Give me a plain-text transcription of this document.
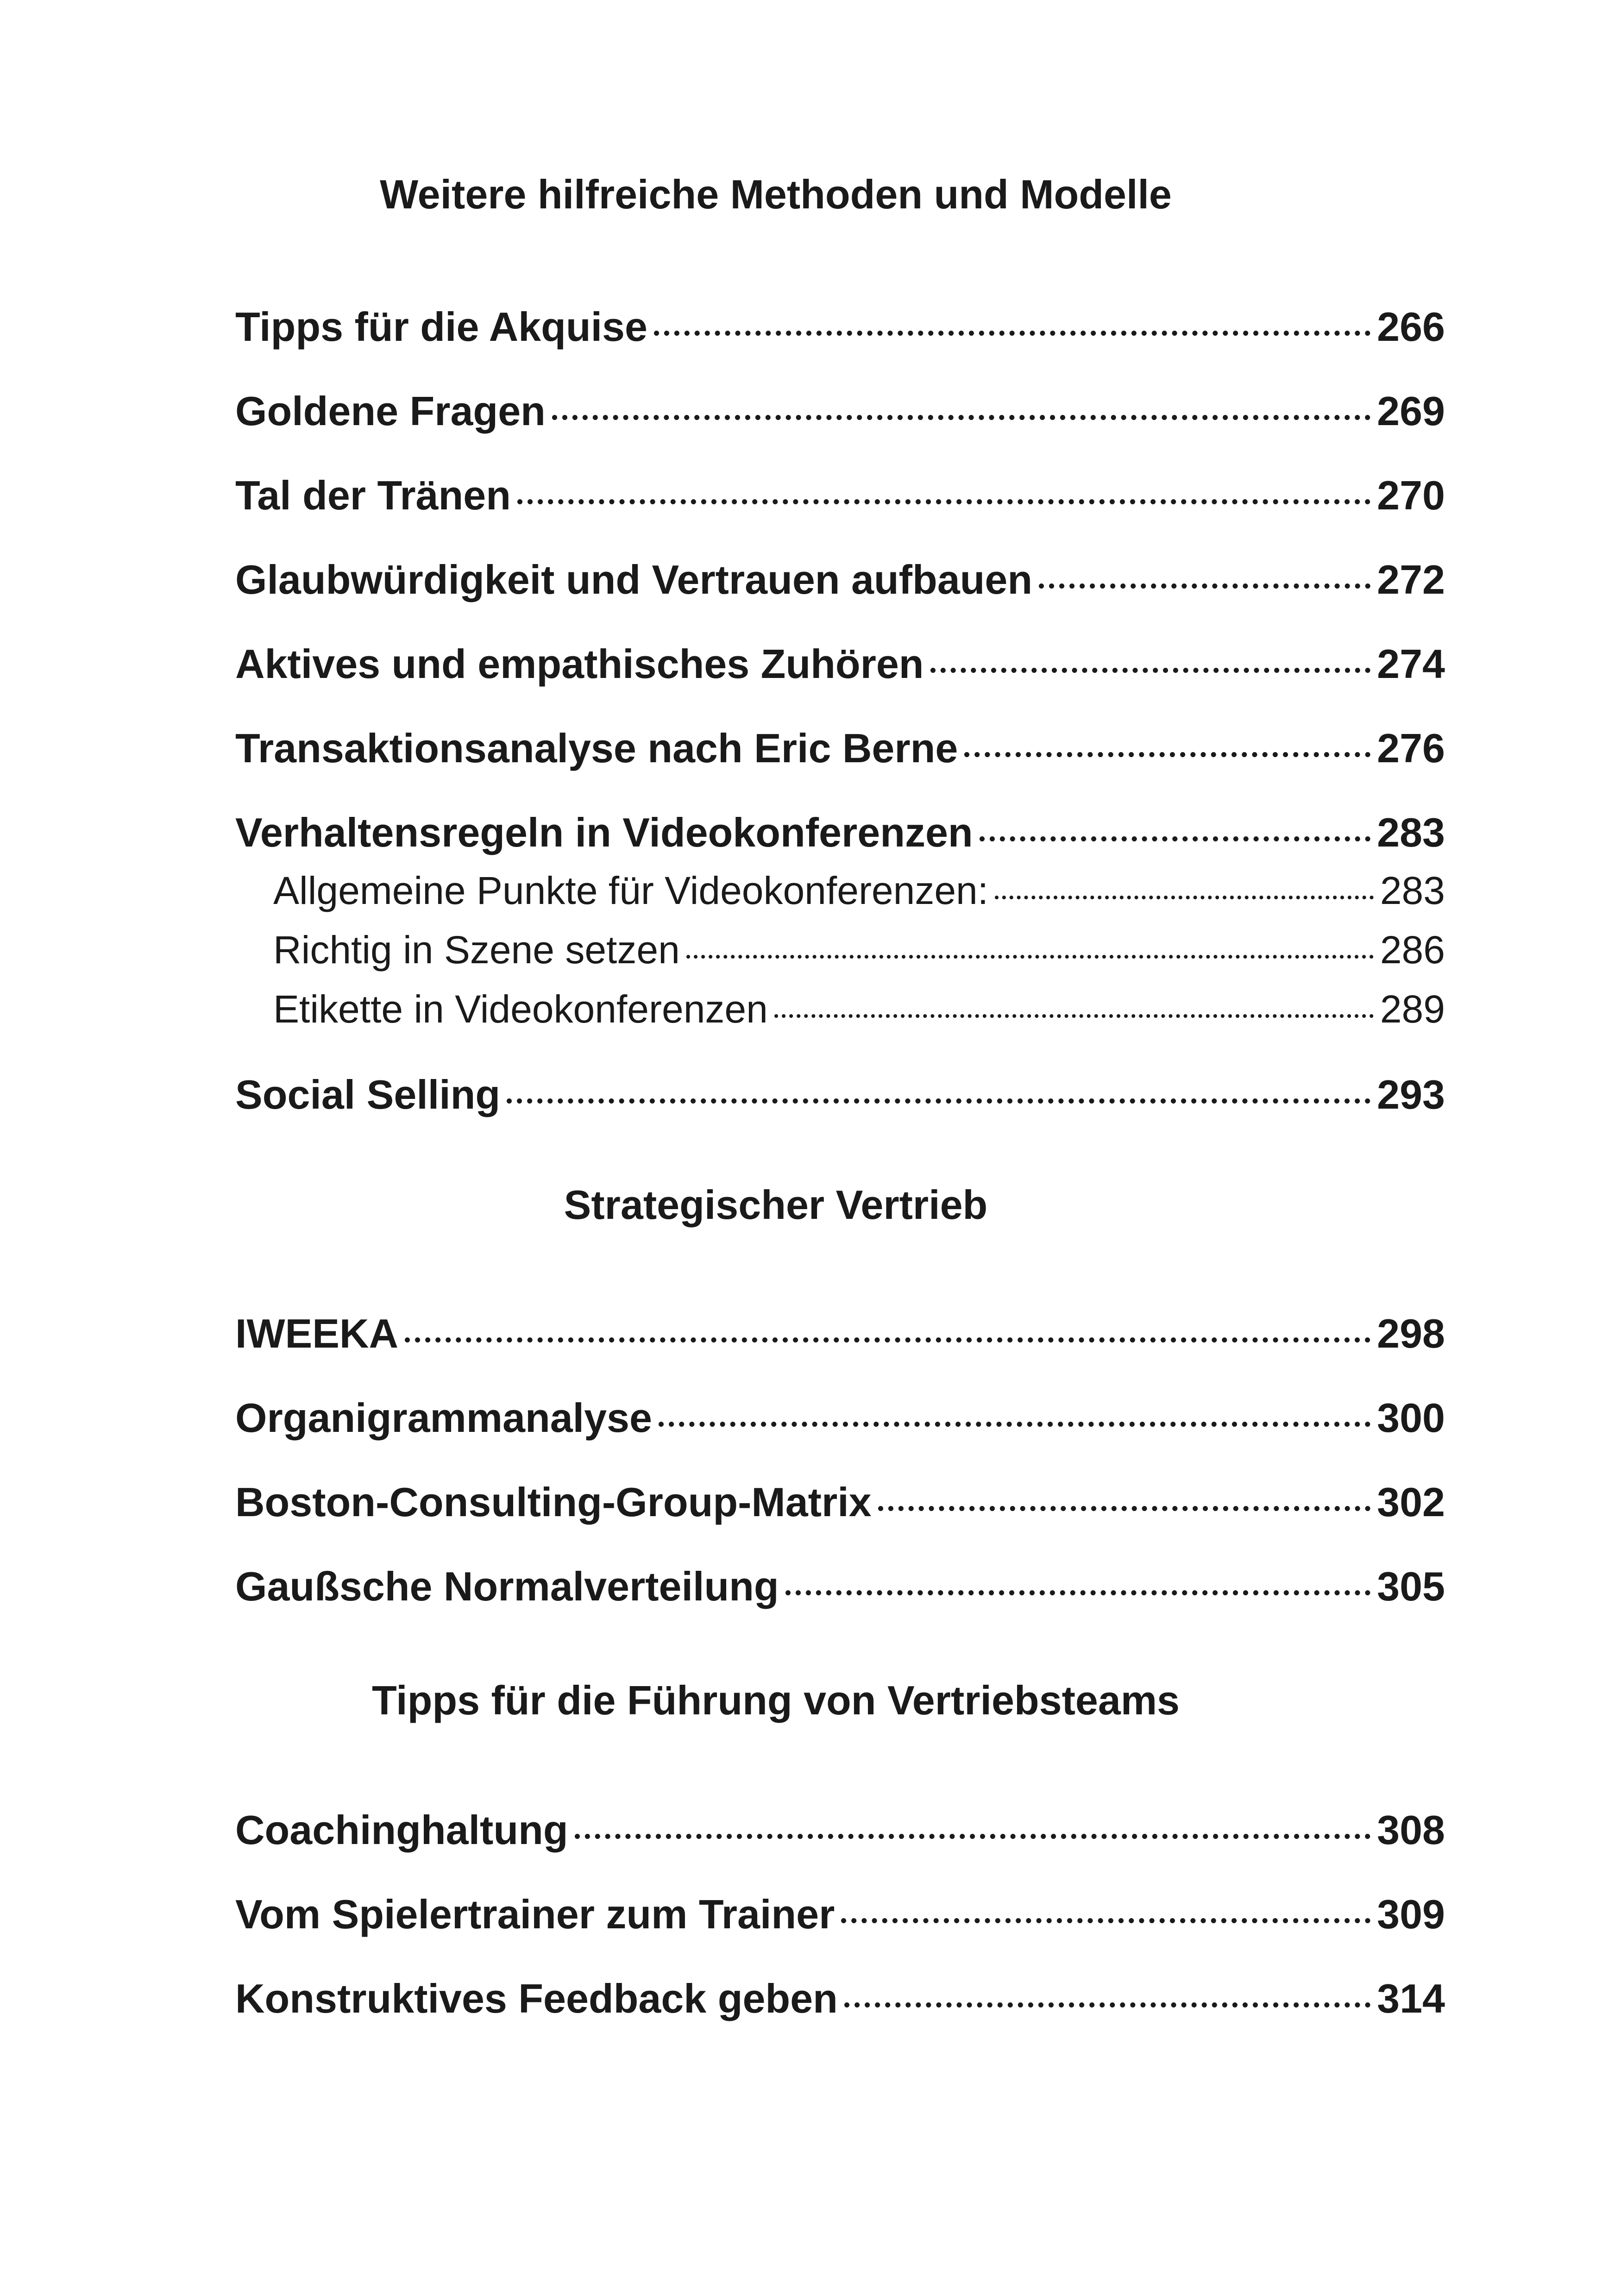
Weitere hilfreiche Methoden und Modelle
Tipps für die Akquise	266
Goldene Fragen	269
Tal der Tränen	270
Glaubwürdigkeit und Vertrauen aufbauen	272
Aktives und empathisches Zuhören	274
Transaktionsanalyse nach Eric Berne	276
Verhaltensregeln in Videokonferenzen	283
Allgemeine Punkte für Videokonferenzen:	283
Richtig in Szene setzen	286
Etikette in Videokonferenzen	289
Social Selling	293
Strategischer Vertrieb
IWEEKA	298
Organigrammanalyse	300
Boston-Consulting-Group-Matrix	302
Gaußsche Normalverteilung	305
Tipps für die Führung von Vertriebsteams
Coachinghaltung	308
Vom Spielertrainer zum Trainer	309
Konstruktives Feedback geben	314
